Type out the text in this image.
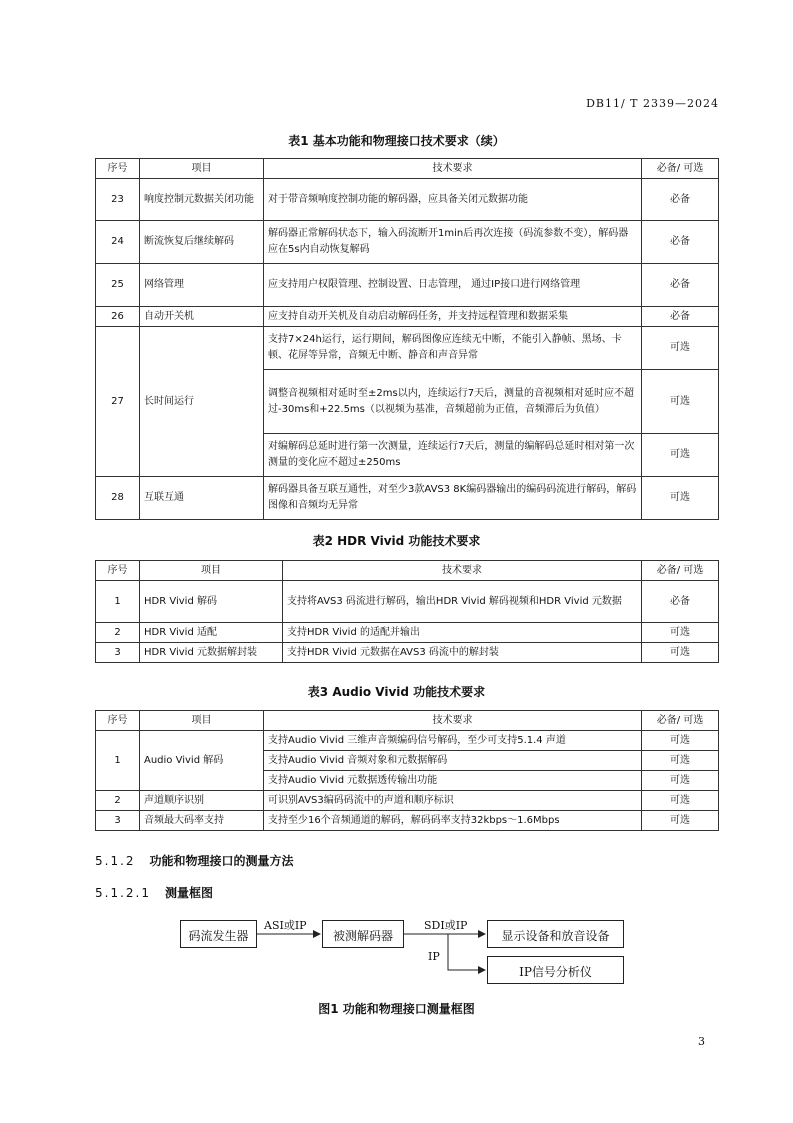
DB11/ T 2339—2024
表1 基本功能和物理接口技术要求（续）
序号	项目	技术要求	必备/ 可选
23	响度控制元数据关闭功能	对于带音频响度控制功能的解码器，应具备关闭元数据功能	必备
24	断流恢复后继续解码	解码器正常解码状态下，输入码流断开1min后再次连接（码流参数不变），解码器应在5s内自动恢复解码	必备
25	网络管理	应支持用户权限管理、控制设置、日志管理， 通过IP接口进行网络管理	必备
26	自动开关机	应支持自动开关机及自动启动解码任务，并支持远程管理和数据采集	必备
27	长时间运行	支持7×24h运行，运行期间，解码图像应连续无中断，不能引入静帧、黑场、卡顿、花屏等异常，音频无中断、静音和声音异常	可选
		调整音视频相对延时至±2ms以内，连续运行7天后，测量的音视频相对延时应不超过-30ms和+22.5ms（以视频为基准，音频超前为正值，音频滞后为负值）	可选
		对编解码总延时进行第一次测量，连续运行7天后，测量的编解码总延时相对第一次测量的变化应不超过±250ms	可选
28	互联互通	解码器具备互联互通性，对至少3款AVS3 8K编码器输出的编码码流进行解码，解码图像和音频均无异常	可选
表2 HDR Vivid 功能技术要求
序号	项目	技术要求	必备/ 可选
1	HDR Vivid 解码	支持将AVS3 码流进行解码，输出HDR Vivid 解码视频和HDR Vivid 元数据	必备
2	HDR Vivid 适配	支持HDR Vivid 的适配并输出	可选
3	HDR Vivid 元数据解封装	支持HDR Vivid 元数据在AVS3 码流中的解封装	可选
表3 Audio Vivid 功能技术要求
序号	项目	技术要求	必备/ 可选
1	Audio Vivid 解码	支持Audio Vivid 三维声音频编码信号解码，至少可支持5.1.4 声道	可选
		支持Audio Vivid 音频对象和元数据解码	可选
		支持Audio Vivid 元数据透传输出功能	可选
2	声道顺序识别	可识别AVS3编码码流中的声道和顺序标识	可选
3	音频最大码率支持	支持至少16个音频通道的解码，解码码率支持32kbps～1.6Mbps	可选
5.1.2 功能和物理接口的测量方法
5.1.2.1 测量框图
码流发生器	被测解码器	显示设备和放音设备
IP信号分析仪
ASI或IP	SDI或IP
IP
图1 功能和物理接口测量框图
3
